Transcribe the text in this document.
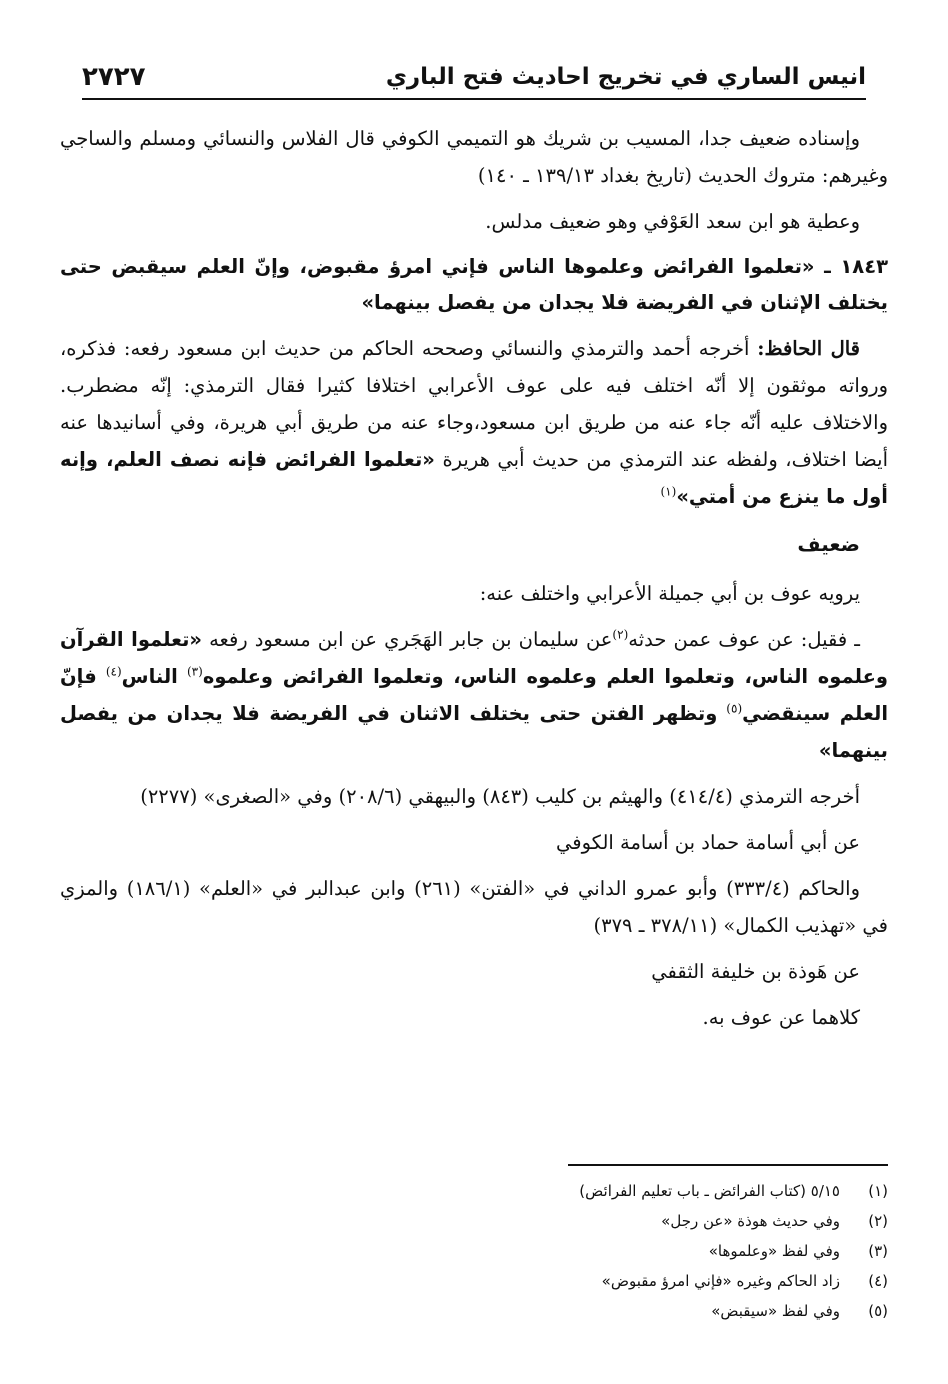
انيس الساري في تخريج احاديث فتح الباري
٢٧٢٧

وإسناده ضعيف جدا، المسيب بن شريك هو التميمي الكوفي قال الفلاس والنسائي ومسلم والساجي وغيرهم: متروك الحديث (تاريخ بغداد ١٣٩/١٣ ـ ١٤٠)

وعطية هو ابن سعد العَوْفي وهو ضعيف مدلس.

١٨٤٣ ـ «تعلموا الفرائض وعلموها الناس فإني امرؤ مقبوض، وإنّ العلم سيقبض حتى يختلف الإثنان في الفريضة فلا يجدان من يفصل بينهما»

قال الحافظ: أخرجه أحمد والترمذي والنسائي وصححه الحاكم من حديث ابن مسعود رفعه: فذكره، ورواته موثقون إلا أنّه اختلف فيه على عوف الأعرابي اختلافا كثيرا فقال الترمذي: إنّه مضطرب. والاختلاف عليه أنّه جاء عنه من طريق ابن مسعود،وجاء عنه من طريق أبي هريرة، وفي أسانيدها عنه أيضا اختلاف، ولفظه عند الترمذي من حديث أبي هريرة «تعلموا الفرائض فإنه نصف العلم، وإنه أول ما ينزع من أمتي»$^{(١)}$

ضعيف

يرويه عوف بن أبي جميلة الأعرابي واختلف عنه:

ـ فقيل: عن عوف عمن حدثه$^{(٢)}$عن سليمان بن جابر الهَجَري عن ابن مسعود رفعه «تعلموا القرآن وعلموه الناس، وتعلموا العلم وعلموه الناس، وتعلموا الفرائض وعلموه$^{(٣)}$ الناس$^{(٤)}$ فإنّ العلم سينقضي$^{(٥)}$ وتظهر الفتن حتى يختلف الاثنان في الفريضة فلا يجدان من يفصل بينهما»

أخرجه الترمذي (٤١٤/٤) والهيثم بن كليب (٨٤٣) والبيهقي (٢٠٨/٦) وفي «الصغرى» (٢٢٧٧)

عن أبي أسامة حماد بن أسامة الكوفي

والحاكم (٣٣٣/٤) وأبو عمرو الداني في «الفتن» (٢٦١) وابن عبدالبر في «العلم» (١٨٦/١) والمزي في «تهذيب الكمال» (٣٧٨/١١ ـ ٣٧٩)

عن هَوذة بن خليفة الثقفي

كلاهما عن عوف به.

(١)
٥/١٥ (كتاب الفرائض ـ باب تعليم الفرائض)
(٢)
وفي حديث هوذة «عن رجل»
(٣)
وفي لفظ «وعلموها»
(٤)
زاد الحاكم وغيره «فإني امرؤ مقبوض»
(٥)
وفي لفظ «سيقبض»
